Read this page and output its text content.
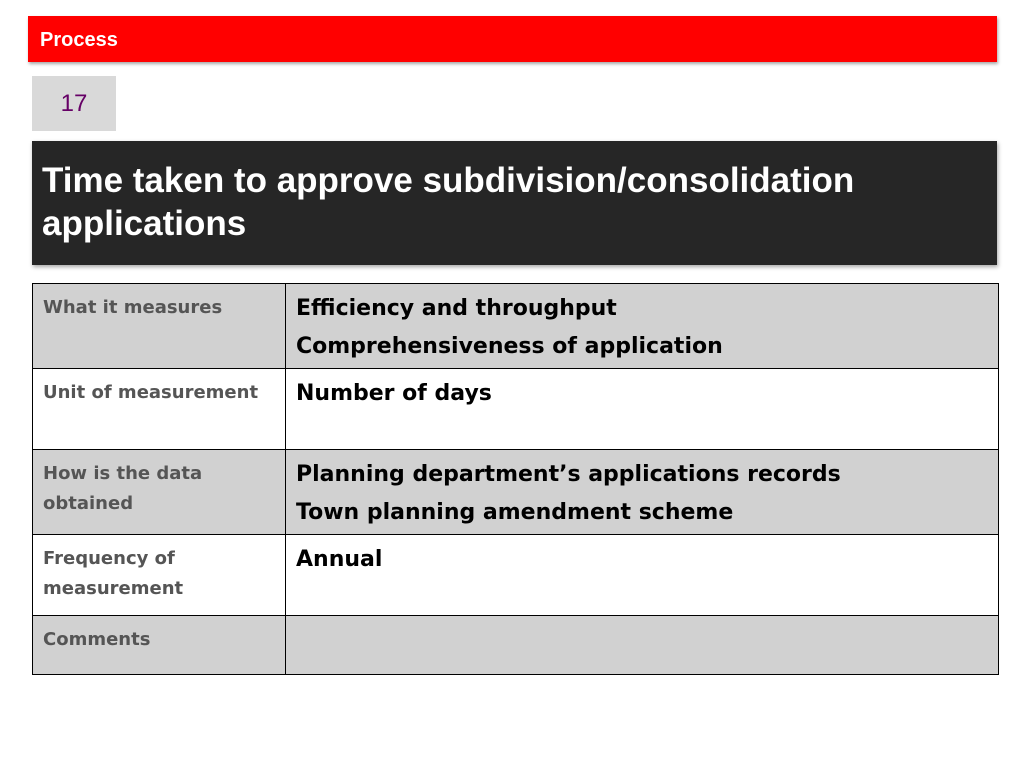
Process
17
Time taken to approve subdivision/consolidation applications
What it measures	Efficiency and throughput
Comprehensiveness of application

Unit of measurement	Number of days

How is the data obtained	Planning department’s applications records
Town planning amendment scheme

Frequency of measurement	Annual

Comments	
